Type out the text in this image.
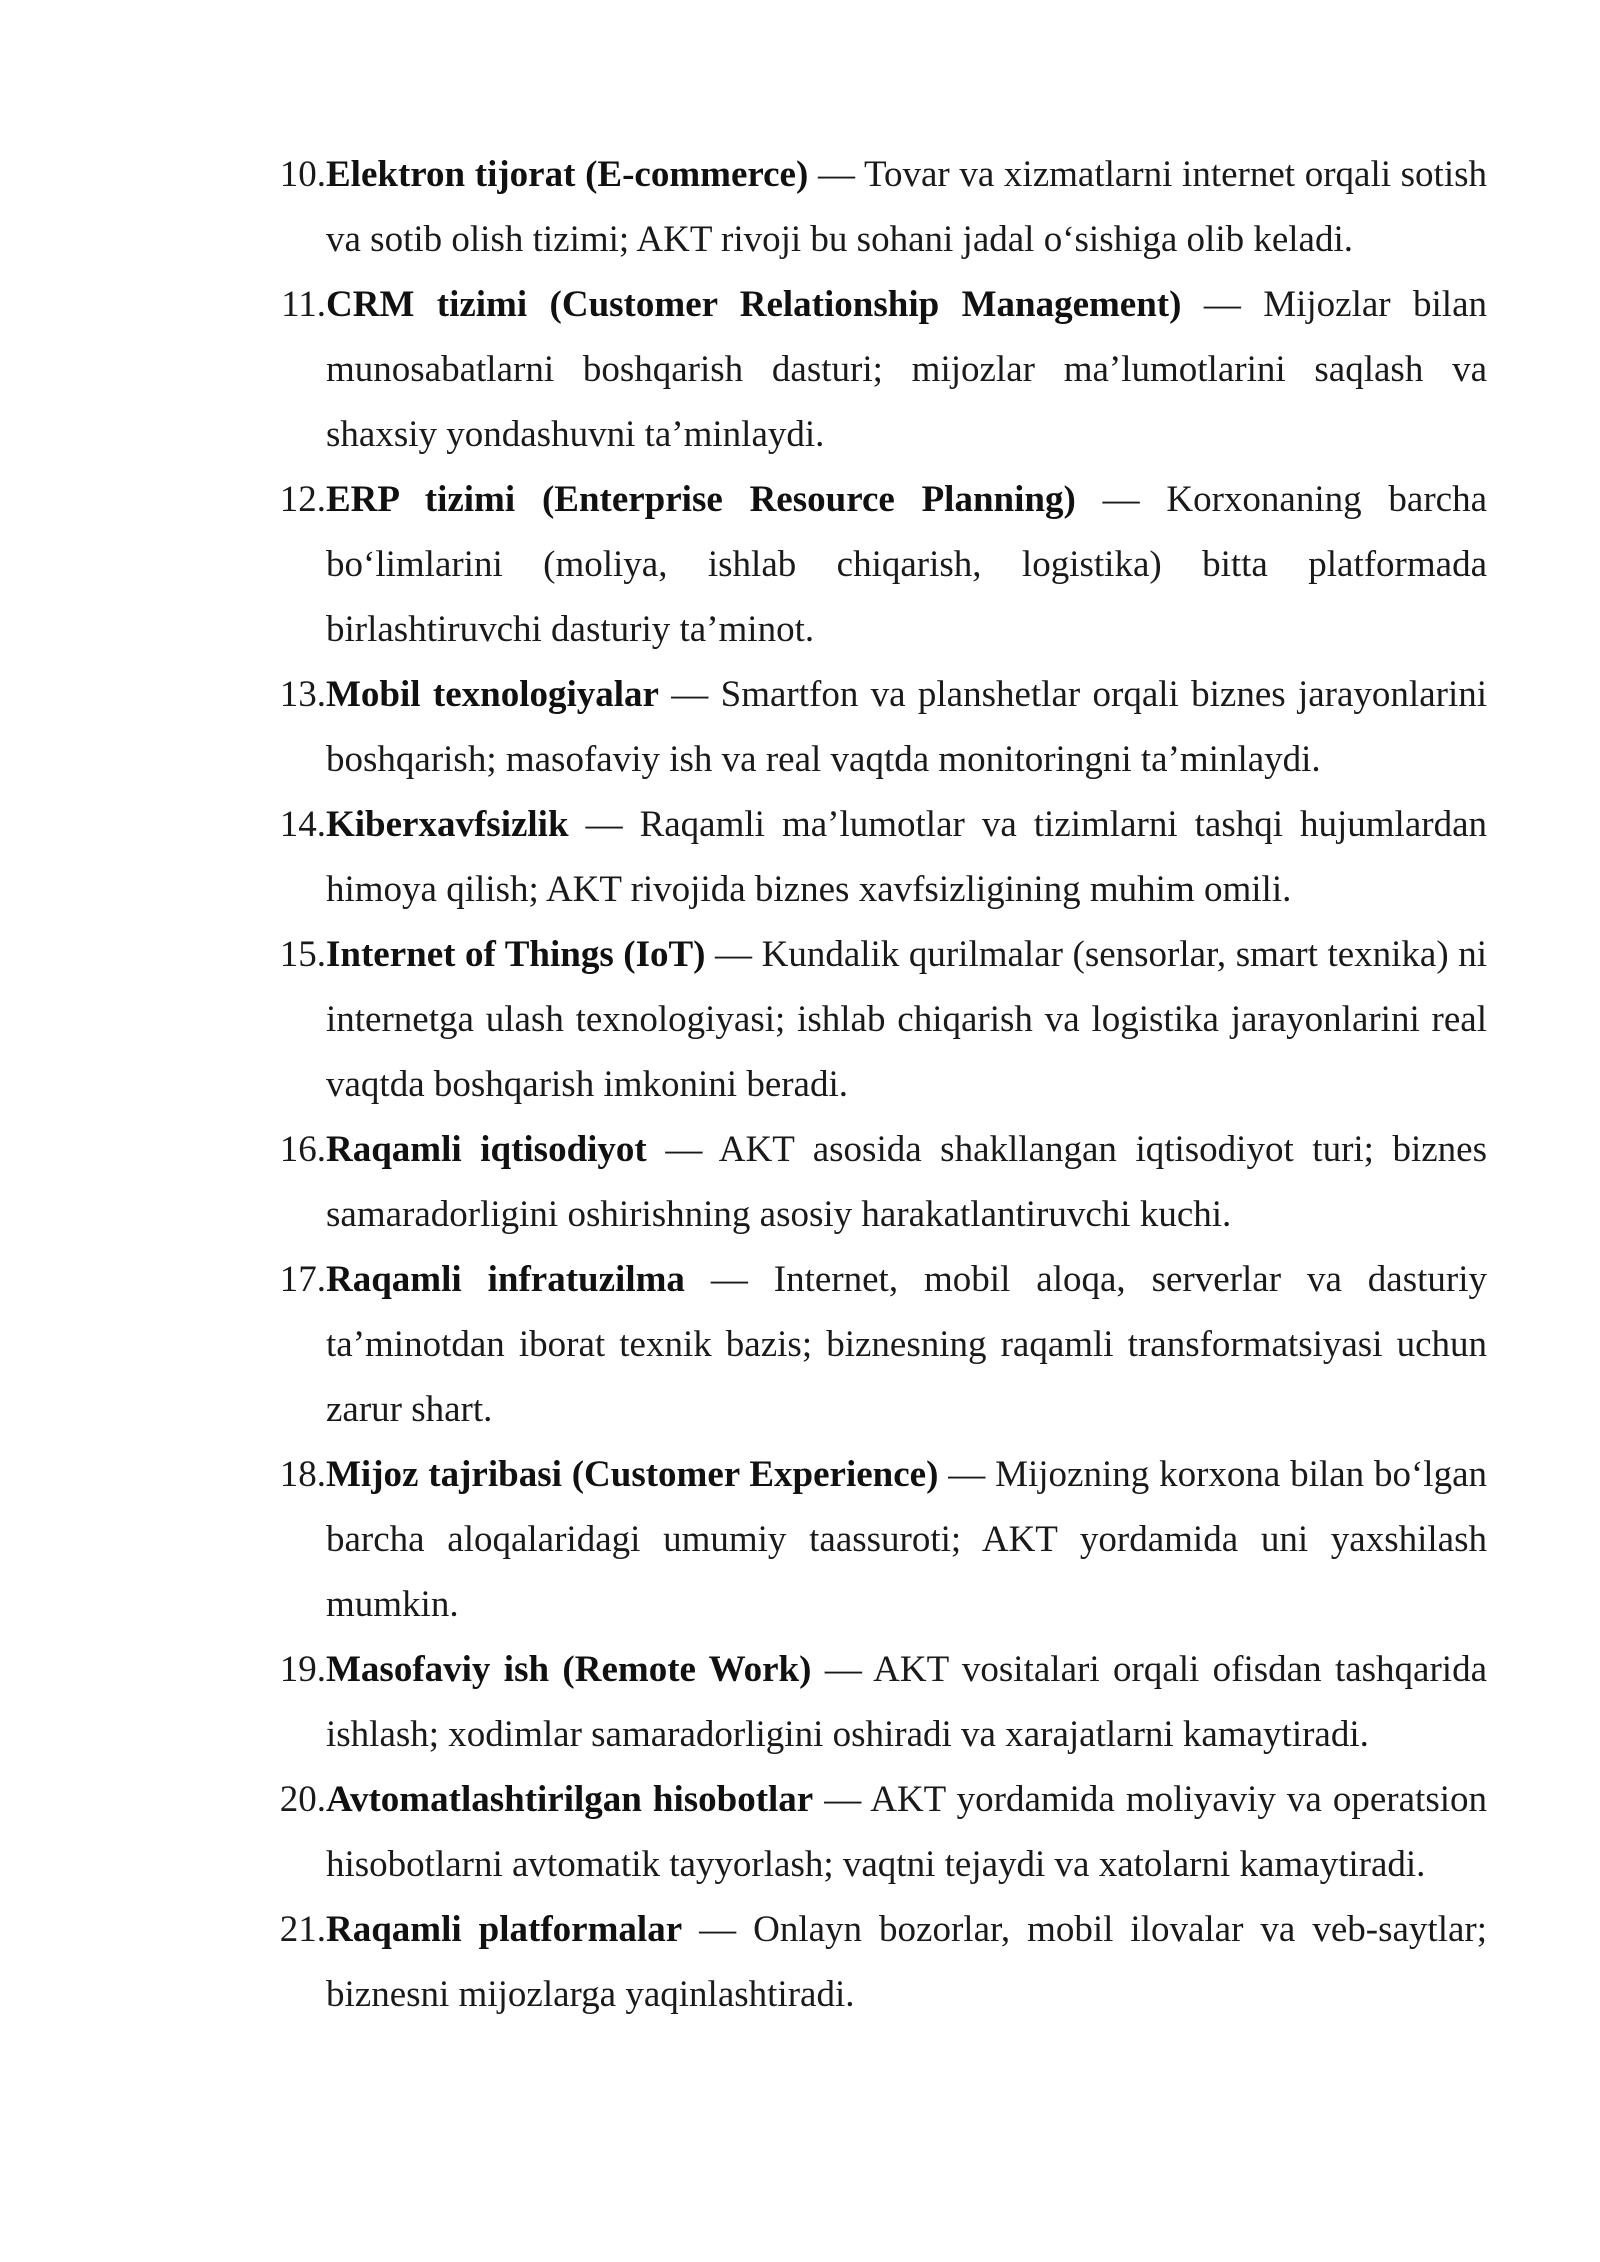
10. Elektron tijorat (E-commerce) — Tovar va xizmatlarni internet orqali sotish va sotib olish tizimi; AKT rivoji bu sohani jadal o‘sishiga olib keladi.
11. CRM tizimi (Customer Relationship Management) — Mijozlar bilan munosabatlarni boshqarish dasturi; mijozlar ma’lumotlarini saqlash va shaxsiy yondashuvni ta’minlaydi.
12. ERP tizimi (Enterprise Resource Planning) — Korxonaning barcha bo‘limlarini (moliya, ishlab chiqarish, logistika) bitta platformada birlashtiruvchi dasturiy ta’minot.
13. Mobil texnologiyalar — Smartfon va planshetlar orqali biznes jarayonlarini boshqarish; masofaviy ish va real vaqtda monitoringni ta’minlaydi.
14. Kiberxavfsizlik — Raqamli ma’lumotlar va tizimlarni tashqi hujumlardan himoya qilish; AKT rivojida biznes xavfsizligining muhim omili.
15. Internet of Things (IoT) — Kundalik qurilmalar (sensorlar, smart texnika) ni internetga ulash texnologiyasi; ishlab chiqarish va logistika jarayonlarini real vaqtda boshqarish imkonini beradi.
16. Raqamli iqtisodiyot — AKT asosida shakllangan iqtisodiyot turi; biznes samaradorligini oshirishning asosiy harakatlantiruvchi kuchi.
17. Raqamli infratuzilma — Internet, mobil aloqa, serverlar va dasturiy ta’minotdan iborat texnik bazis; biznesning raqamli transformatsiyasi uchun zarur shart.
18. Mijoz tajribasi (Customer Experience) — Mijozning korxona bilan bo‘lgan barcha aloqalaridagi umumiy taassuroti; AKT yordamida uni yaxshilash mumkin.
19. Masofaviy ish (Remote Work) — AKT vositalari orqali ofisdan tashqarida ishlash; xodimlar samaradorligini oshiradi va xarajatlarni kamaytiradi.
20. Avtomatlashtirilgan hisobotlar — AKT yordamida moliyaviy va operatsion hisobotlarni avtomatik tayyorlash; vaqtni tejaydi va xatolarni kamaytiradi.
21. Raqamli platformalar — Onlayn bozorlar, mobil ilovalar va veb-saytlar; biznesni mijozlarga yaqinlashtiradi.
